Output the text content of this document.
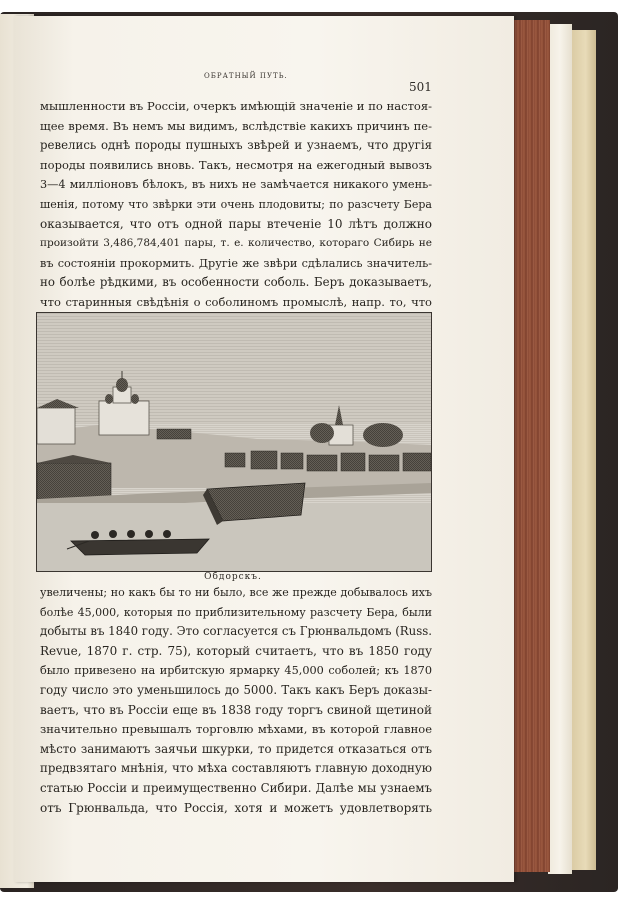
ОБРАТНЫЙ ПУТЬ.
501
мышленности въ Россіи, очеркъ имѣющій значеніе и по настоя-
щее время. Въ немъ мы видимъ, вслѣдствіе какихъ причинъ пе-
ревелись однѣ породы пушныхъ звѣрей и узнаемъ, что другія
породы появились вновь. Такъ, несмотря на ежегодный вывозъ
3—4 милліоновъ бѣлокъ, въ нихъ не замѣчается никакого умень-
шенія, потому что звѣрки эти очень плодовиты; по разсчету Бера
оказывается, что отъ одной пары втеченіе 10 лѣтъ должно
произойти 3,486,784,401 пары, т. е. количество, котораго Сибирь не
въ состояніи прокормить. Другіе же звѣри сдѣлались значитель-
но болѣе рѣдкими, въ особенности соболь. Беръ доказываетъ,
что старинныя свѣдѣнія о соболиномъ промыслѣ, напр. то, что
Обдорскъ.
увеличены; но какъ бы то ни было, все же прежде добывалось ихъ
болѣе 45,000, которыя по приблизительному разсчету Бера, были
добыты въ 1840 году. Это согласуется съ Грюнвальдомъ (Russ.
Revue, 1870 г. стр. 75), который считаетъ, что въ 1850 году
было привезено на ирбитскую ярмарку 45,000 соболей; къ 1870
году число это уменьшилось до 5000. Такъ какъ Беръ доказы-
ваетъ, что въ Россіи еще въ 1838 году торгъ свиной щетиной
значительно превышалъ торговлю мѣхами, въ которой главное
мѣсто занимаютъ заячьи шкурки, то придется отказаться отъ
предвзятаго мнѣнія, что мѣха составляютъ главную доходную
статью Россіи и преимущественно Сибири. Далѣе мы узнаемъ
отъ Грюнвальда, что Россія, хотя и можетъ удовлетворять
